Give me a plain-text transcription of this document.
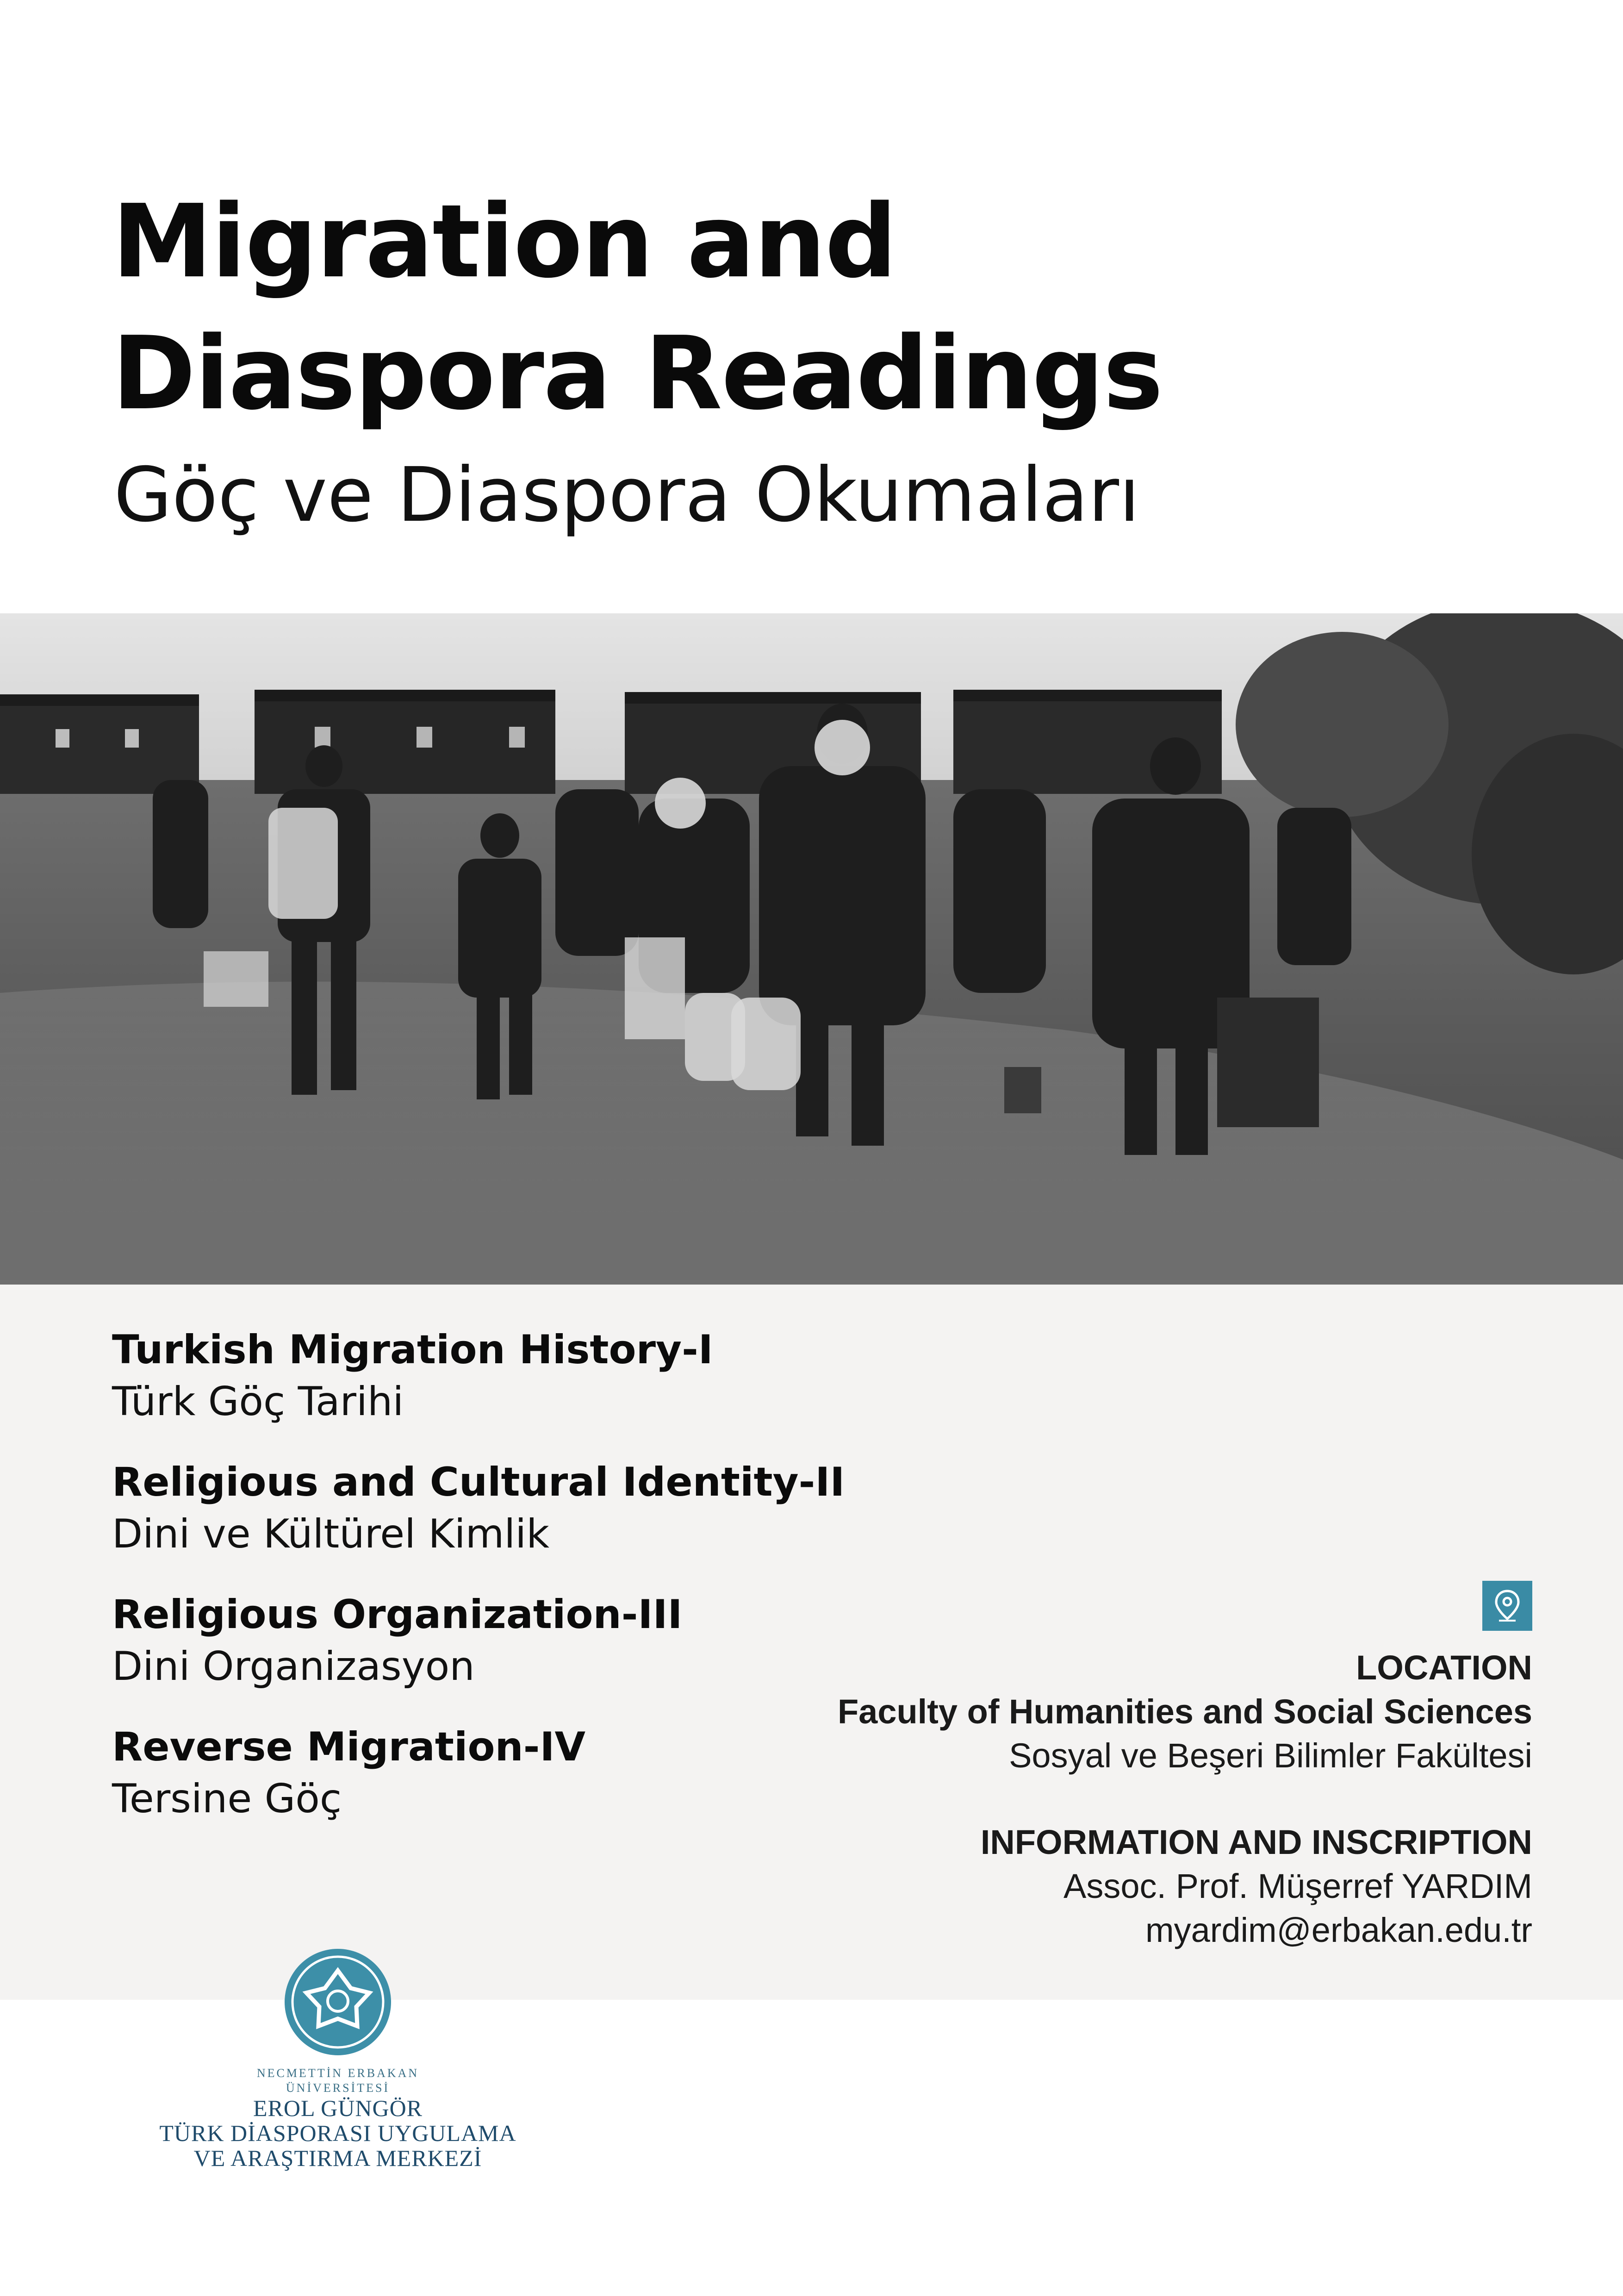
Migration and
Diaspora Readings
Göç ve Diaspora Okumaları
Turkish Migration History-I
Türk Göç Tarihi
Religious and Cultural Identity-II
Dini ve Kültürel Kimlik
Religious Organization-III
Dini Organizasyon
Reverse Migration-IV
Tersine Göç
LOCATION
Faculty of Humanities and Social Sciences
Sosyal ve Beşeri Bilimler Fakültesi
INFORMATION AND INSCRIPTION
Assoc. Prof. Müşerref YARDIM
myardim@erbakan.edu.tr
NECMETTİN ERBAKAN
ÜNİVERSİTESİ
EROL GÜNGÖR
TÜRK DİASPORASI UYGULAMA
VE ARAŞTIRMA MERKEZİ
